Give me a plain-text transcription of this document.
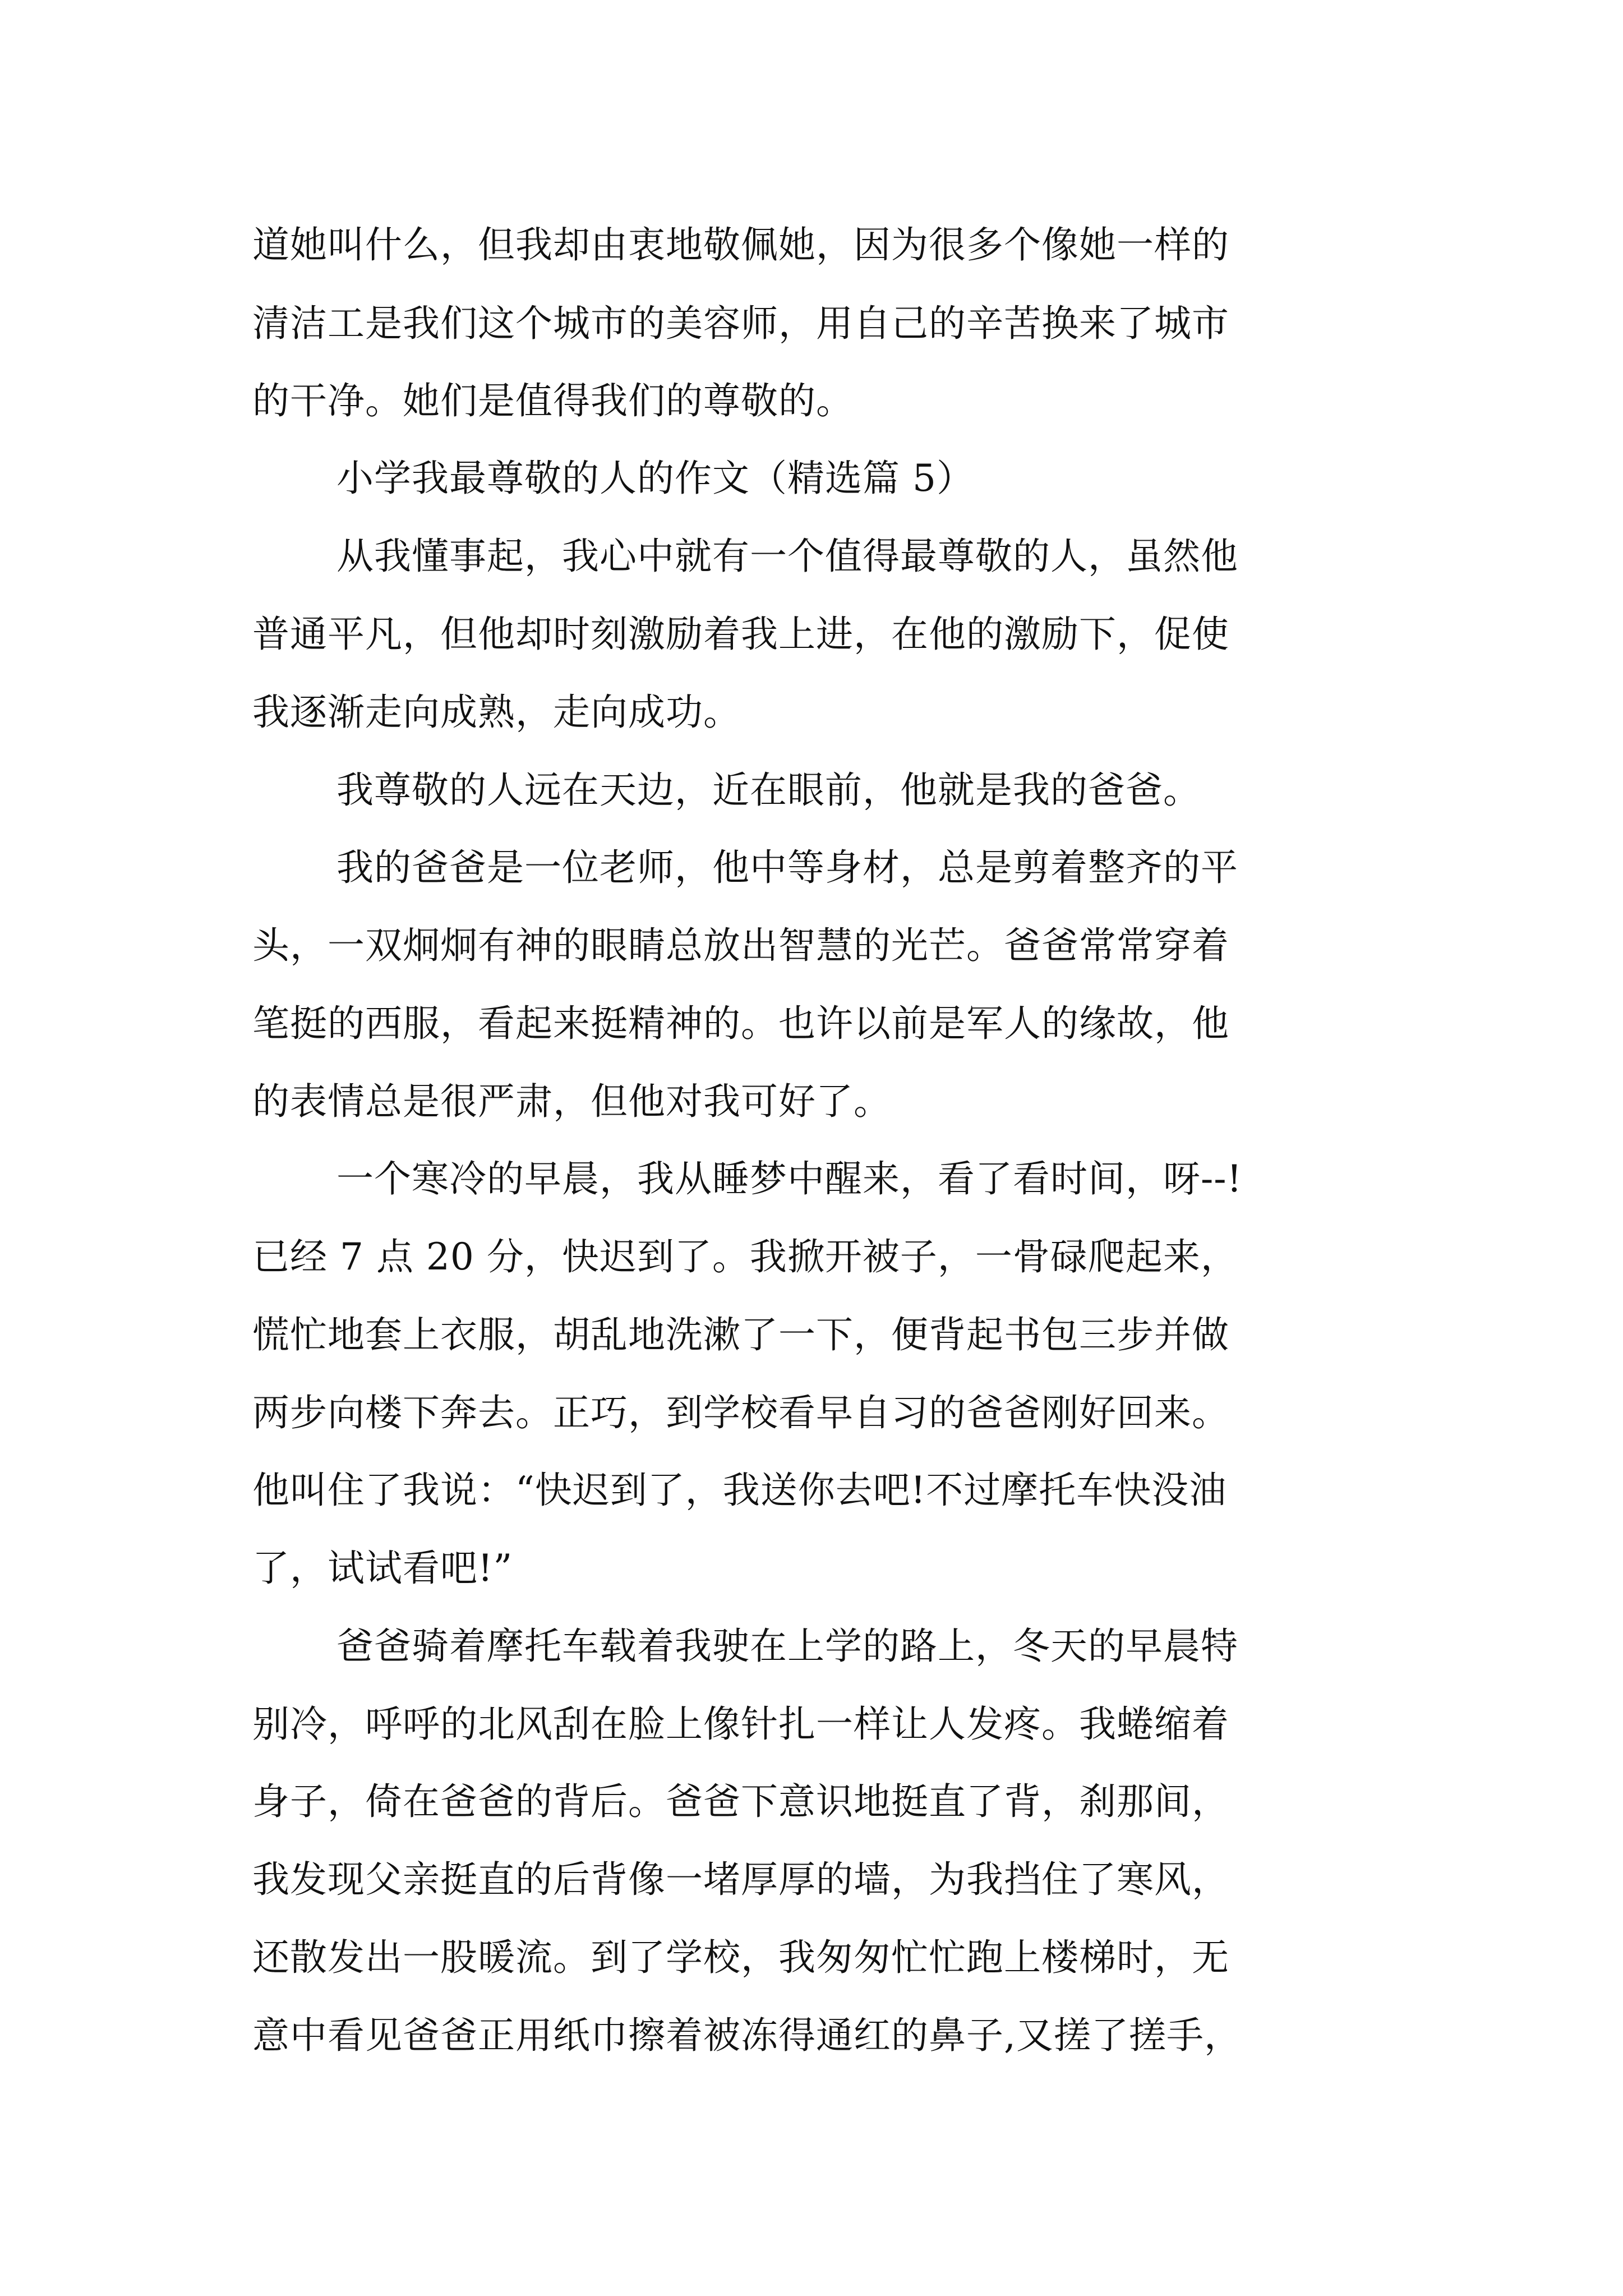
道她叫什么，但我却由衷地敬佩她，因为很多个像她一样的

清洁工是我们这个城市的美容师，用自己的辛苦换来了城市

的干净。她们是值得我们的尊敬的。

小学我最尊敬的人的作文（精选篇 5）

从我懂事起，我心中就有一个值得最尊敬的人，虽然他

普通平凡，但他却时刻激励着我上进，在他的激励下，促使

我逐渐走向成熟，走向成功。

我尊敬的人远在天边，近在眼前，他就是我的爸爸。

我的爸爸是一位老师，他中等身材，总是剪着整齐的平

头，一双炯炯有神的眼睛总放出智慧的光芒。爸爸常常穿着

笔挺的西服，看起来挺精神的。也许以前是军人的缘故，他

的表情总是很严肃，但他对我可好了。

一个寒冷的早晨，我从睡梦中醒来，看了看时间，呀--!

已经 7 点 20 分，快迟到了。我掀开被子，一骨碌爬起来，

慌忙地套上衣服，胡乱地洗漱了一下，便背起书包三步并做

两步向楼下奔去。正巧，到学校看早自习的爸爸刚好回来。

他叫住了我说：“快迟到了，我送你去吧!不过摩托车快没油

了，试试看吧!”

爸爸骑着摩托车载着我驶在上学的路上，冬天的早晨特

别冷，呼呼的北风刮在脸上像针扎一样让人发疼。我蜷缩着

身子，倚在爸爸的背后。爸爸下意识地挺直了背，刹那间，

我发现父亲挺直的后背像一堵厚厚的墙，为我挡住了寒风，

还散发出一股暖流。到了学校，我匆匆忙忙跑上楼梯时，无

意中看见爸爸正用纸巾擦着被冻得通红的鼻子,又搓了搓手，
